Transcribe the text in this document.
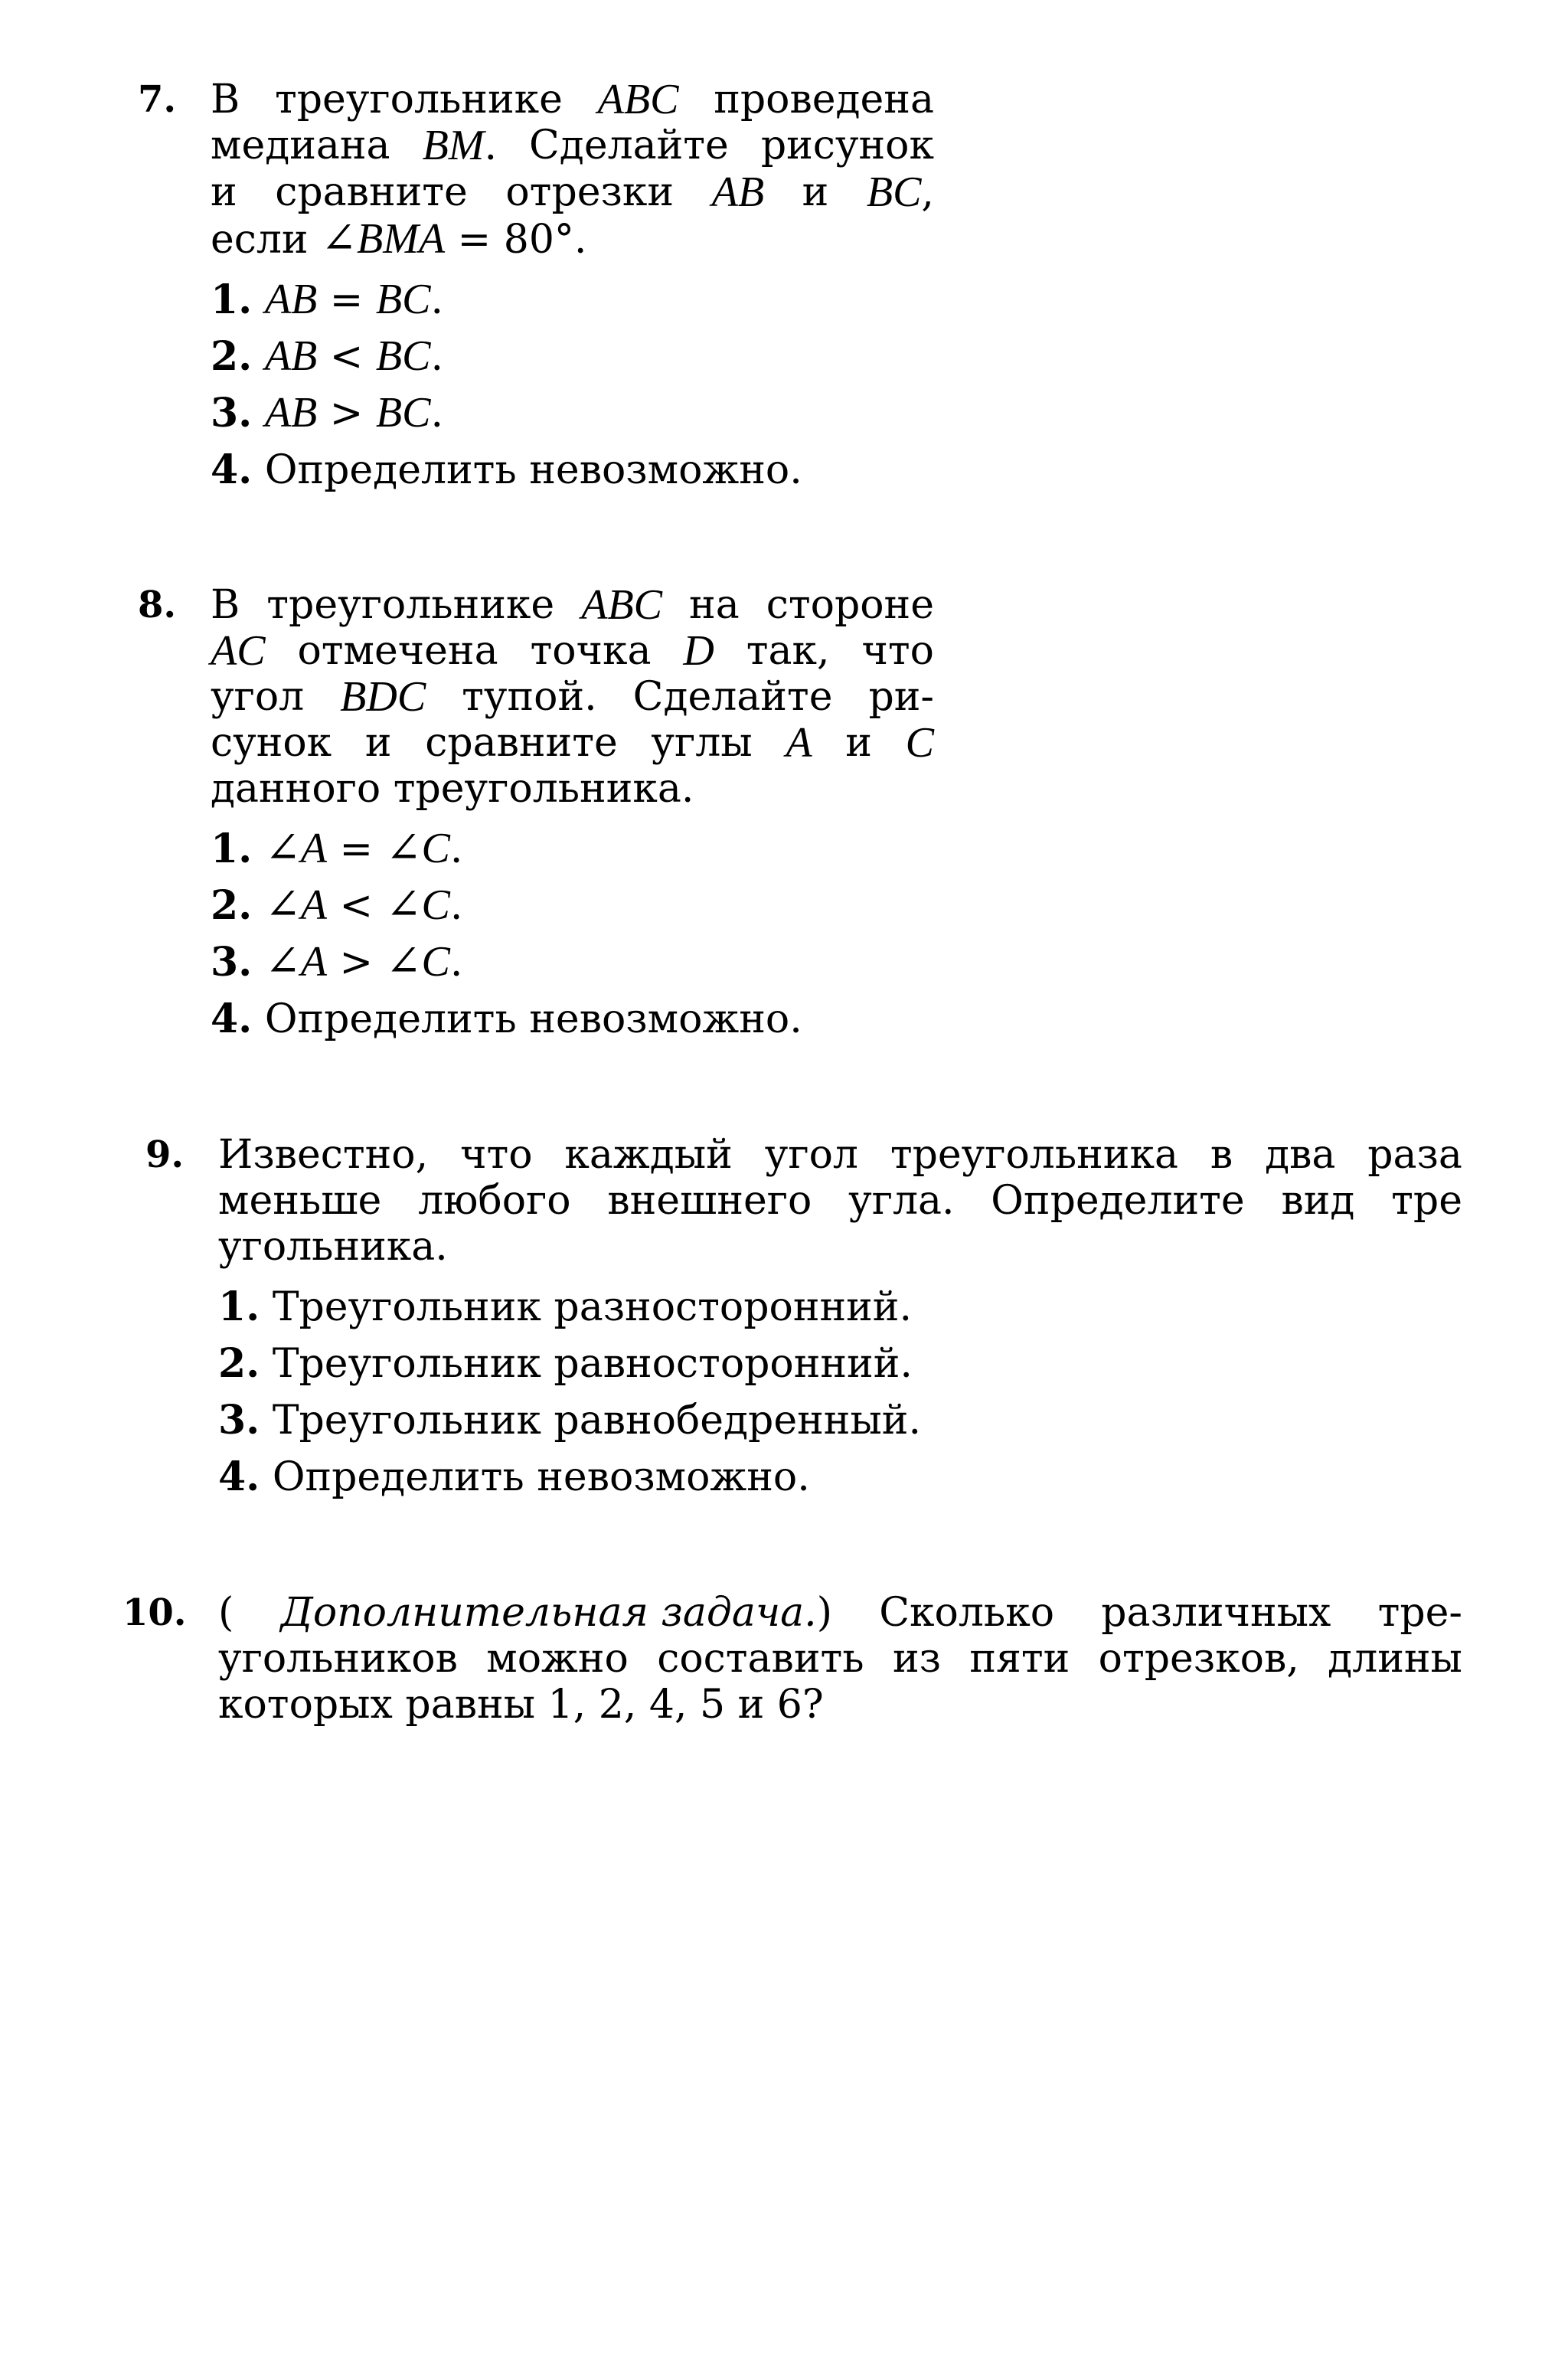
7. В треугольнике ABC проведена
медиана BM. Сделайте рисунок
и сравните отрезки AB и BC,
если ∠BMA = 80°.
1. AB = BC.
2. AB < BC.
3. AB > BC.
4. Определить невозможно.
8. В треугольнике ABC на стороне
AC отмечена точка D так, что
угол BDC тупой. Сделайте ри-
сунок и сравните углы A и C
данного треугольника.
1. ∠A = ∠C.
2. ∠A < ∠C.
3. ∠A > ∠C.
4. Определить невозможно.
9. Известно, что каждый угол треугольника в два раза
меньше любого внешнего угла. Определите вид тре
угольника.
1. Треугольник разносторонний.
2. Треугольник равносторонний.
3. Треугольник равнобедренный.
4. Определить невозможно.
10. ( Дополнительная задача.) Сколько различных тре-
угольников можно составить из пяти отрезков, длины
которых равны 1, 2, 4, 5 и 6?
